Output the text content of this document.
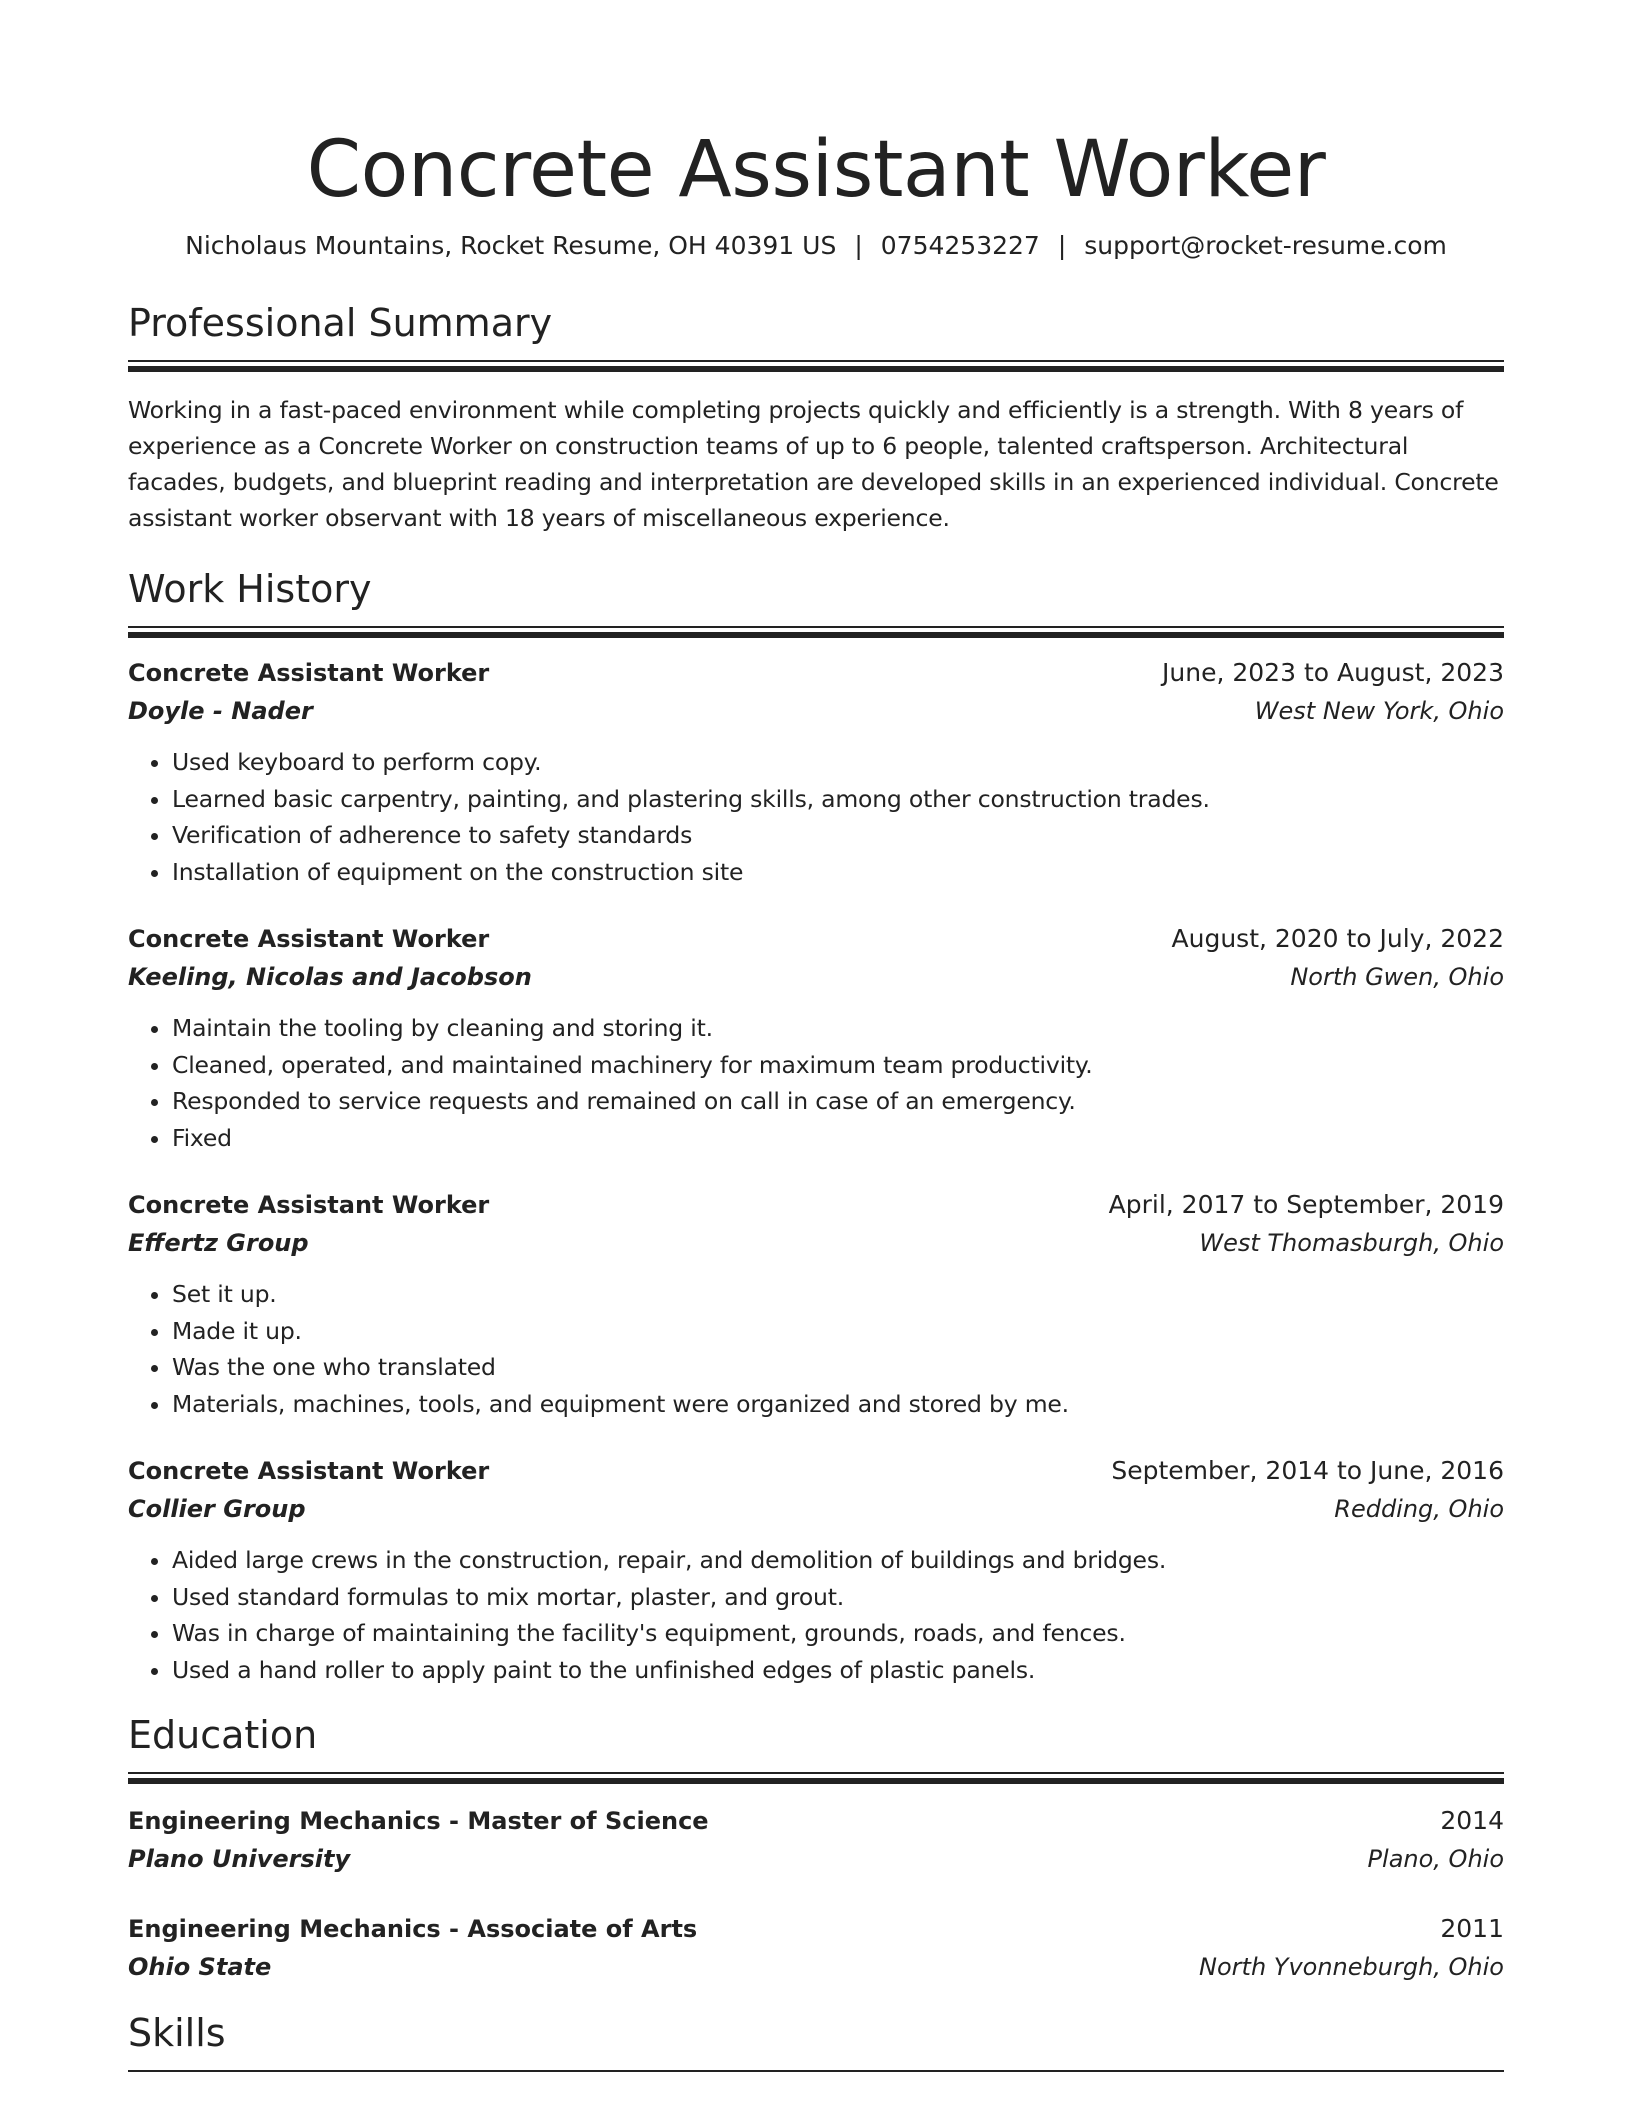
Concrete Assistant Worker
Nicholaus Mountains, Rocket Resume, OH 40391 US | 0754253227 | support@rocket-resume.com
Professional Summary
Working in a fast-paced environment while completing projects quickly and efficiently is a strength. With 8 years of experience as a Concrete Worker on construction teams of up to 6 people, talented craftsperson. Architectural facades, budgets, and blueprint reading and interpretation are developed skills in an experienced individual. Concrete assistant worker observant with 18 years of miscellaneous experience.
Work History
Concrete Assistant Worker	June, 2023 to August, 2023
Doyle - Nader	West New York, Ohio
• Used keyboard to perform copy.
• Learned basic carpentry, painting, and plastering skills, among other construction trades.
• Verification of adherence to safety standards
• Installation of equipment on the construction site
Concrete Assistant Worker	August, 2020 to July, 2022
Keeling, Nicolas and Jacobson	North Gwen, Ohio
• Maintain the tooling by cleaning and storing it.
• Cleaned, operated, and maintained machinery for maximum team productivity.
• Responded to service requests and remained on call in case of an emergency.
• Fixed
Concrete Assistant Worker	April, 2017 to September, 2019
Effertz Group	West Thomasburgh, Ohio
• Set it up.
• Made it up.
• Was the one who translated
• Materials, machines, tools, and equipment were organized and stored by me.
Concrete Assistant Worker	September, 2014 to June, 2016
Collier Group	Redding, Ohio
• Aided large crews in the construction, repair, and demolition of buildings and bridges.
• Used standard formulas to mix mortar, plaster, and grout.
• Was in charge of maintaining the facility's equipment, grounds, roads, and fences.
• Used a hand roller to apply paint to the unfinished edges of plastic panels.
Education
Engineering Mechanics - Master of Science	2014
Plano University	Plano, Ohio
Engineering Mechanics - Associate of Arts	2011
Ohio State	North Yvonneburgh, Ohio
Skills
